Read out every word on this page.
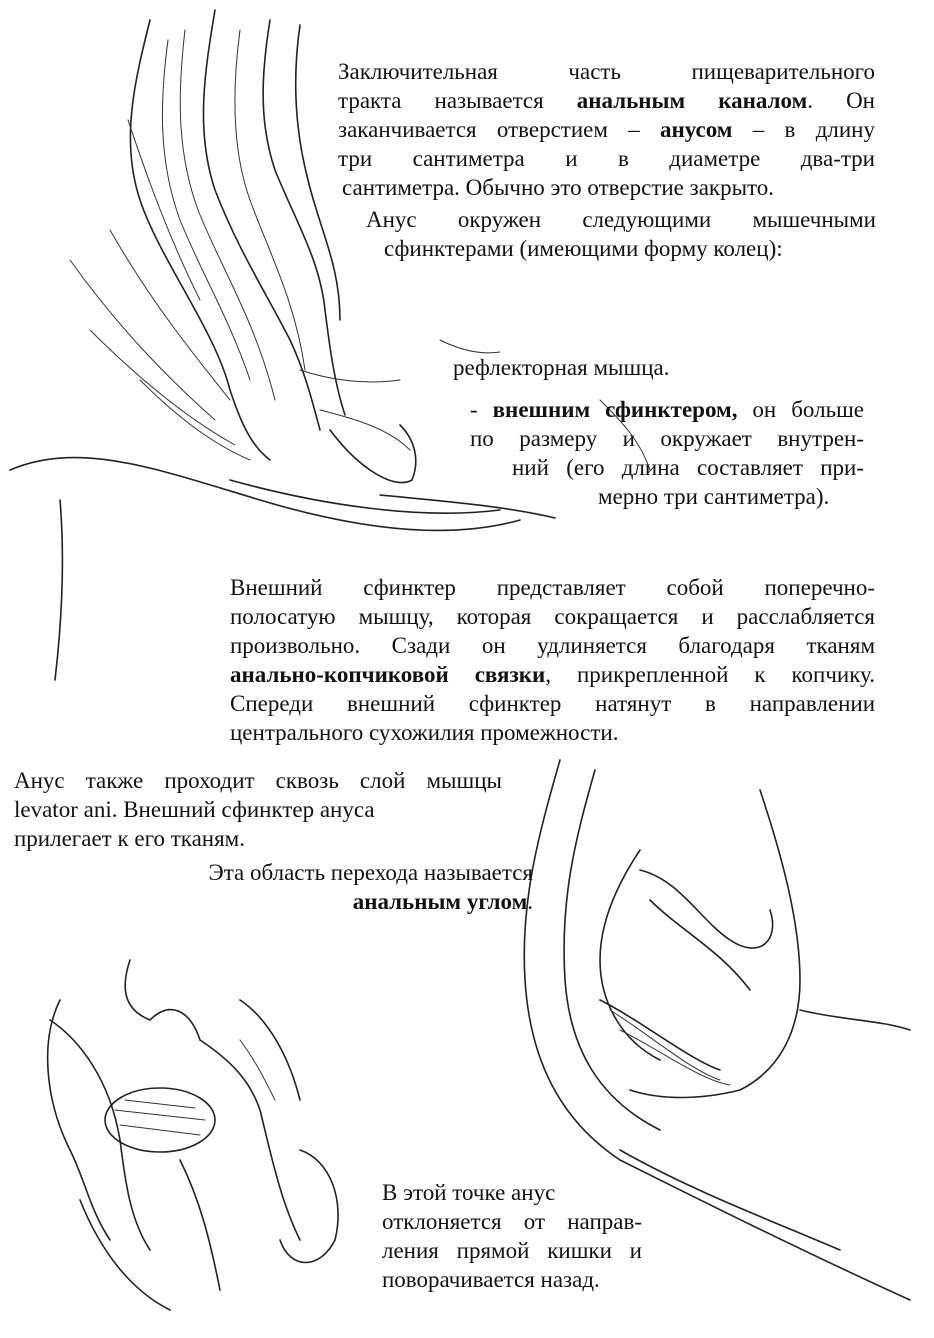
Заключительная часть пищеварительного
тракта называется анальным каналом. Он
заканчивается отверстием – анусом – в длину
три сантиметра и в диаметре два-три
сантиметра. Обычно это отверстие закрыто.
Анус окружен следующими мышечными
сфинктерами (имеющими форму колец):
рефлекторная мышца.
- внешним сфинктером, он больше
по размеру и окружает внутрен-
ний (его длина составляет при-
мерно три сантиметра).
Внешний сфинктер представляет собой поперечно-
полосатую мышцу, которая сокращается и расслабляется
произвольно. Сзади он удлиняется благодаря тканям
анально-копчиковой связки, прикрепленной к копчику.
Спереди внешний сфинктер натянут в направлении
центрального сухожилия промежности.
Анус также проходит сквозь слой мышцы
levator ani. Внешний сфинктер ануса
прилегает к его тканям.
Эта область перехода называется
анальным углом.
В этой точке анус
отклоняется от направ-
ления прямой кишки и
поворачивается назад.
